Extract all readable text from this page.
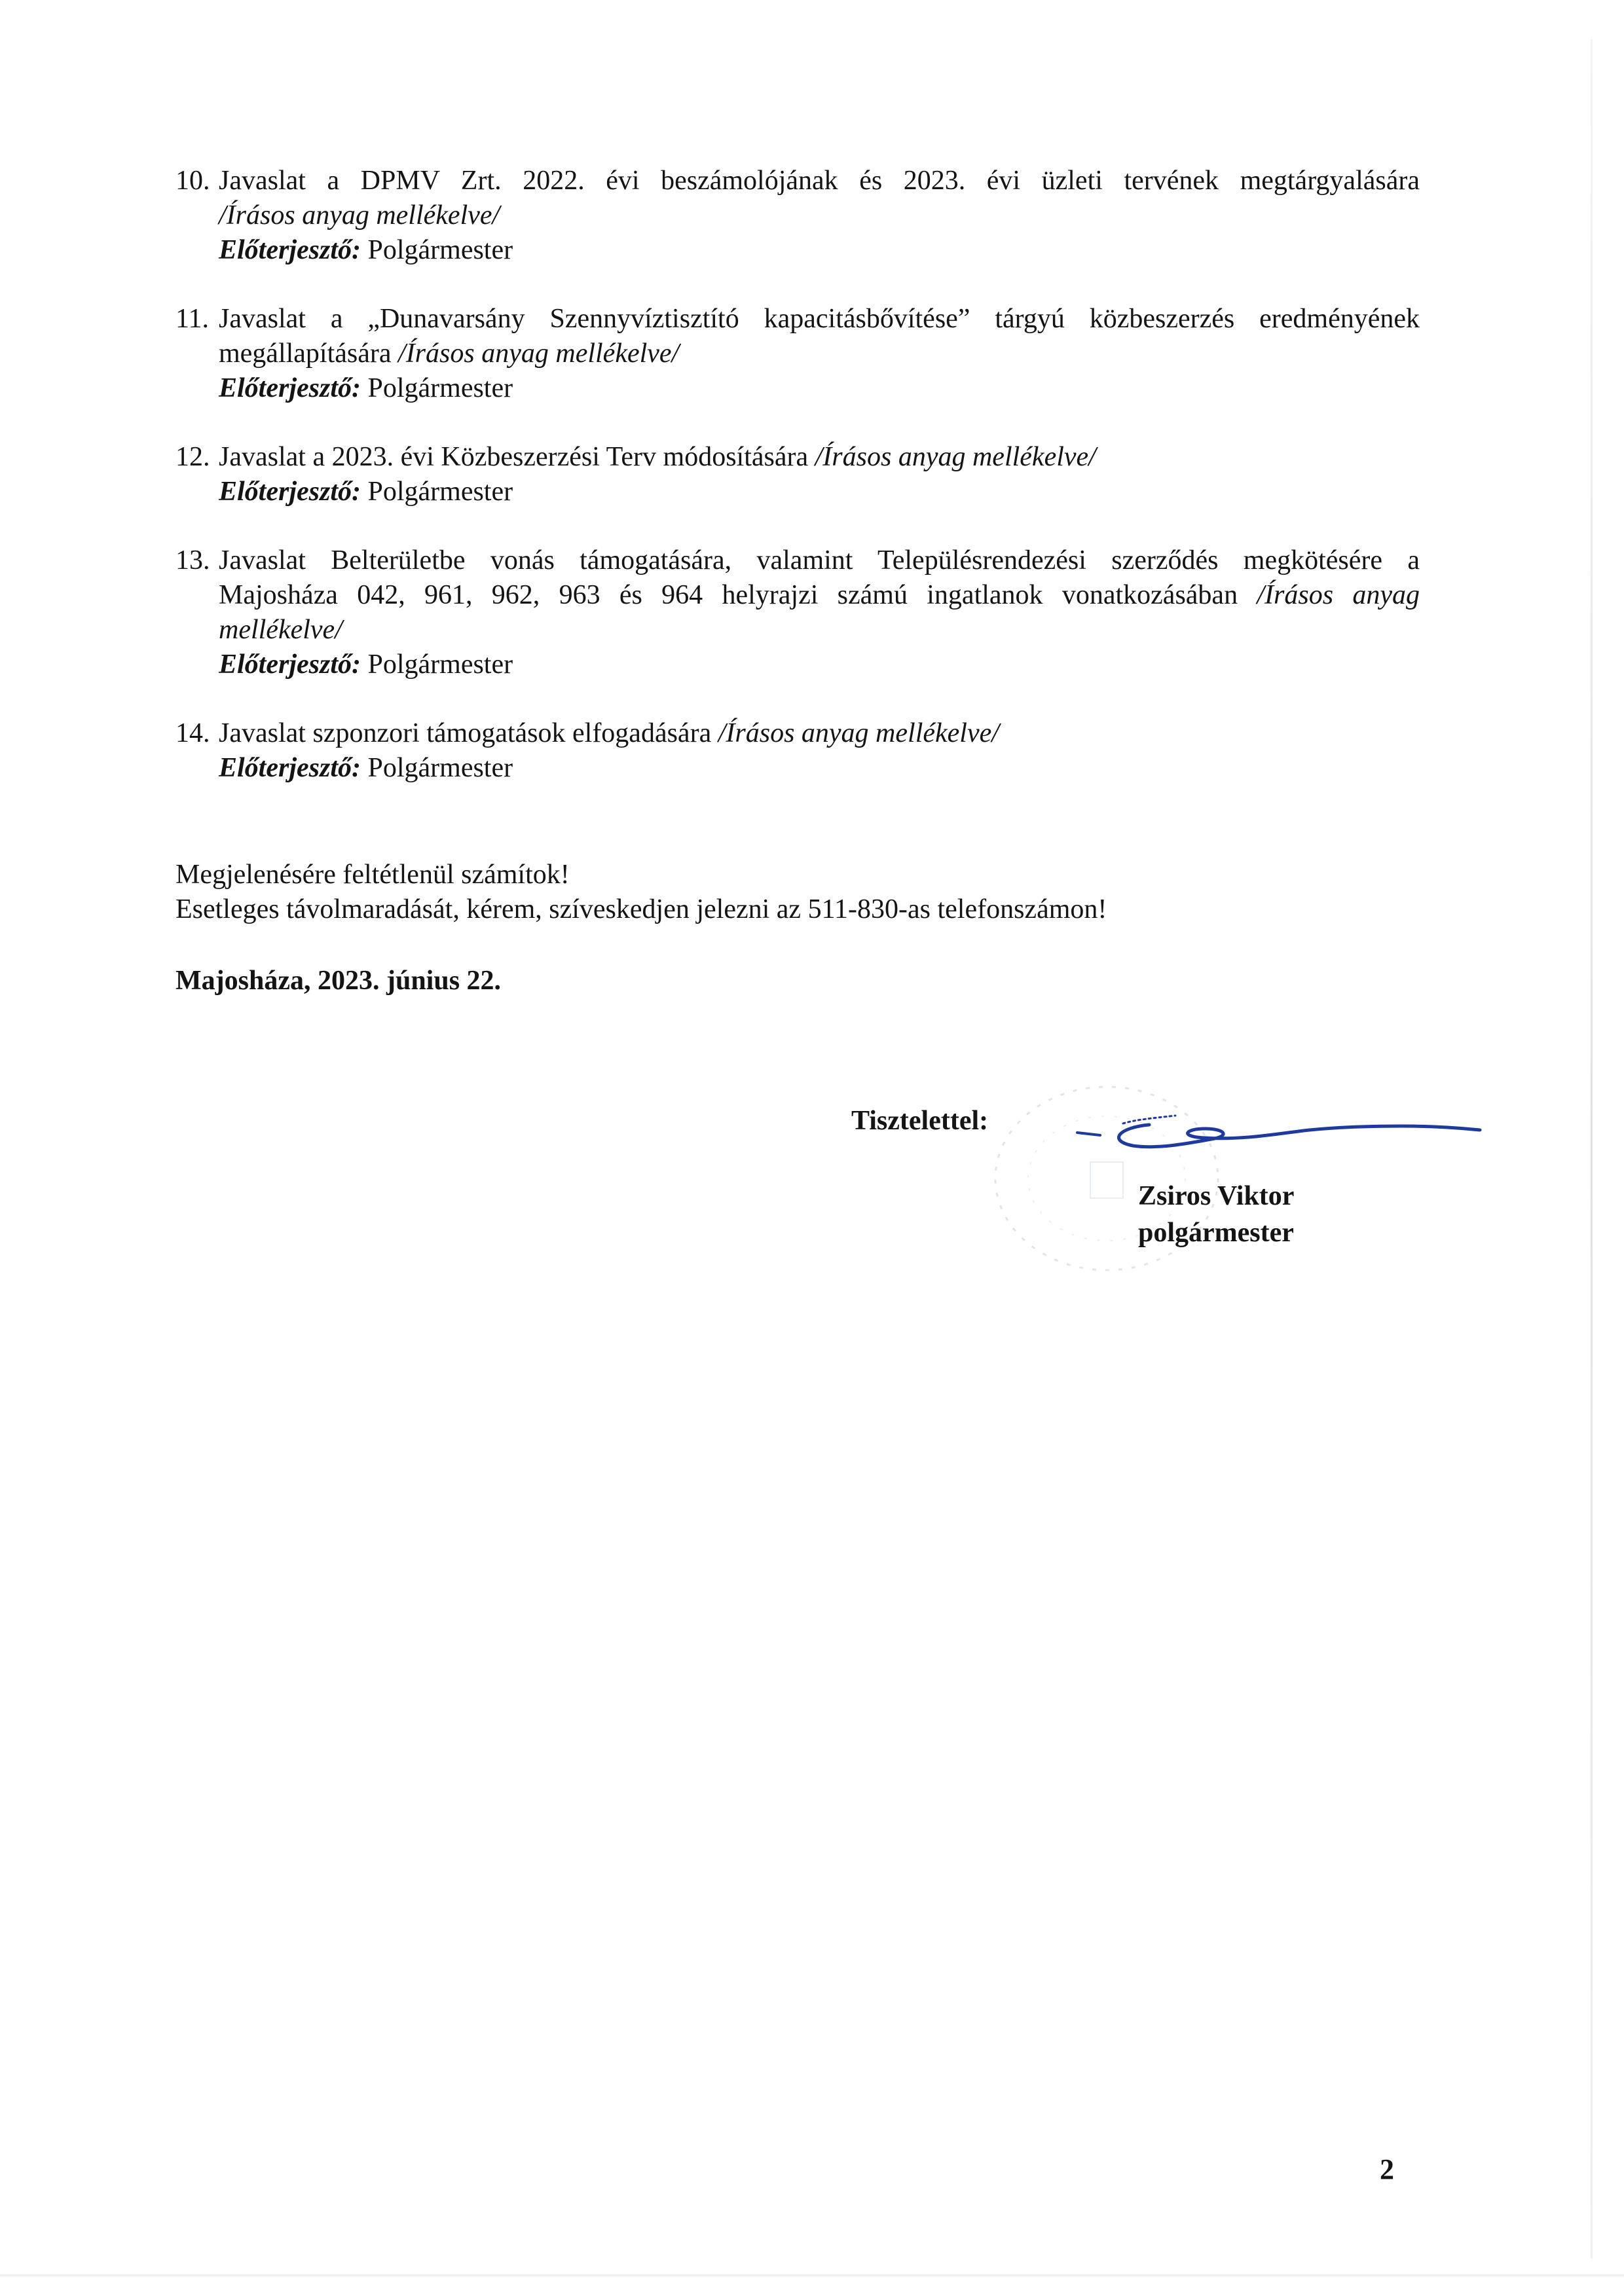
10. Javaslat a DPMV Zrt. 2022. évi beszámolójának és 2023. évi üzleti tervének megtárgyalására
/Írásos anyag mellékelve/
Előterjesztő: Polgármester
11. Javaslat a „Dunavarsány Szennyvíztisztító kapacitásbővítése” tárgyú közbeszerzés eredményének
megállapítására /Írásos anyag mellékelve/
Előterjesztő: Polgármester
12. Javaslat a 2023. évi Közbeszerzési Terv módosítására /Írásos anyag mellékelve/
Előterjesztő: Polgármester
13. Javaslat Belterületbe vonás támogatására, valamint Településrendezési szerződés megkötésére a
Majosháza 042, 961, 962, 963 és 964 helyrajzi számú ingatlanok vonatkozásában /Írásos anyag
mellékelve/
Előterjesztő: Polgármester
14. Javaslat szponzori támogatások elfogadására /Írásos anyag mellékelve/
Előterjesztő: Polgármester

Megjelenésére feltétlenül számítok!

Esetleges távolmaradását, kérem, szíveskedjen jelezni az 511-830-as telefonszámon!

Majosháza, 2023. június 22.
Tisztelettel:
Zsiros Viktor
polgármester
2
